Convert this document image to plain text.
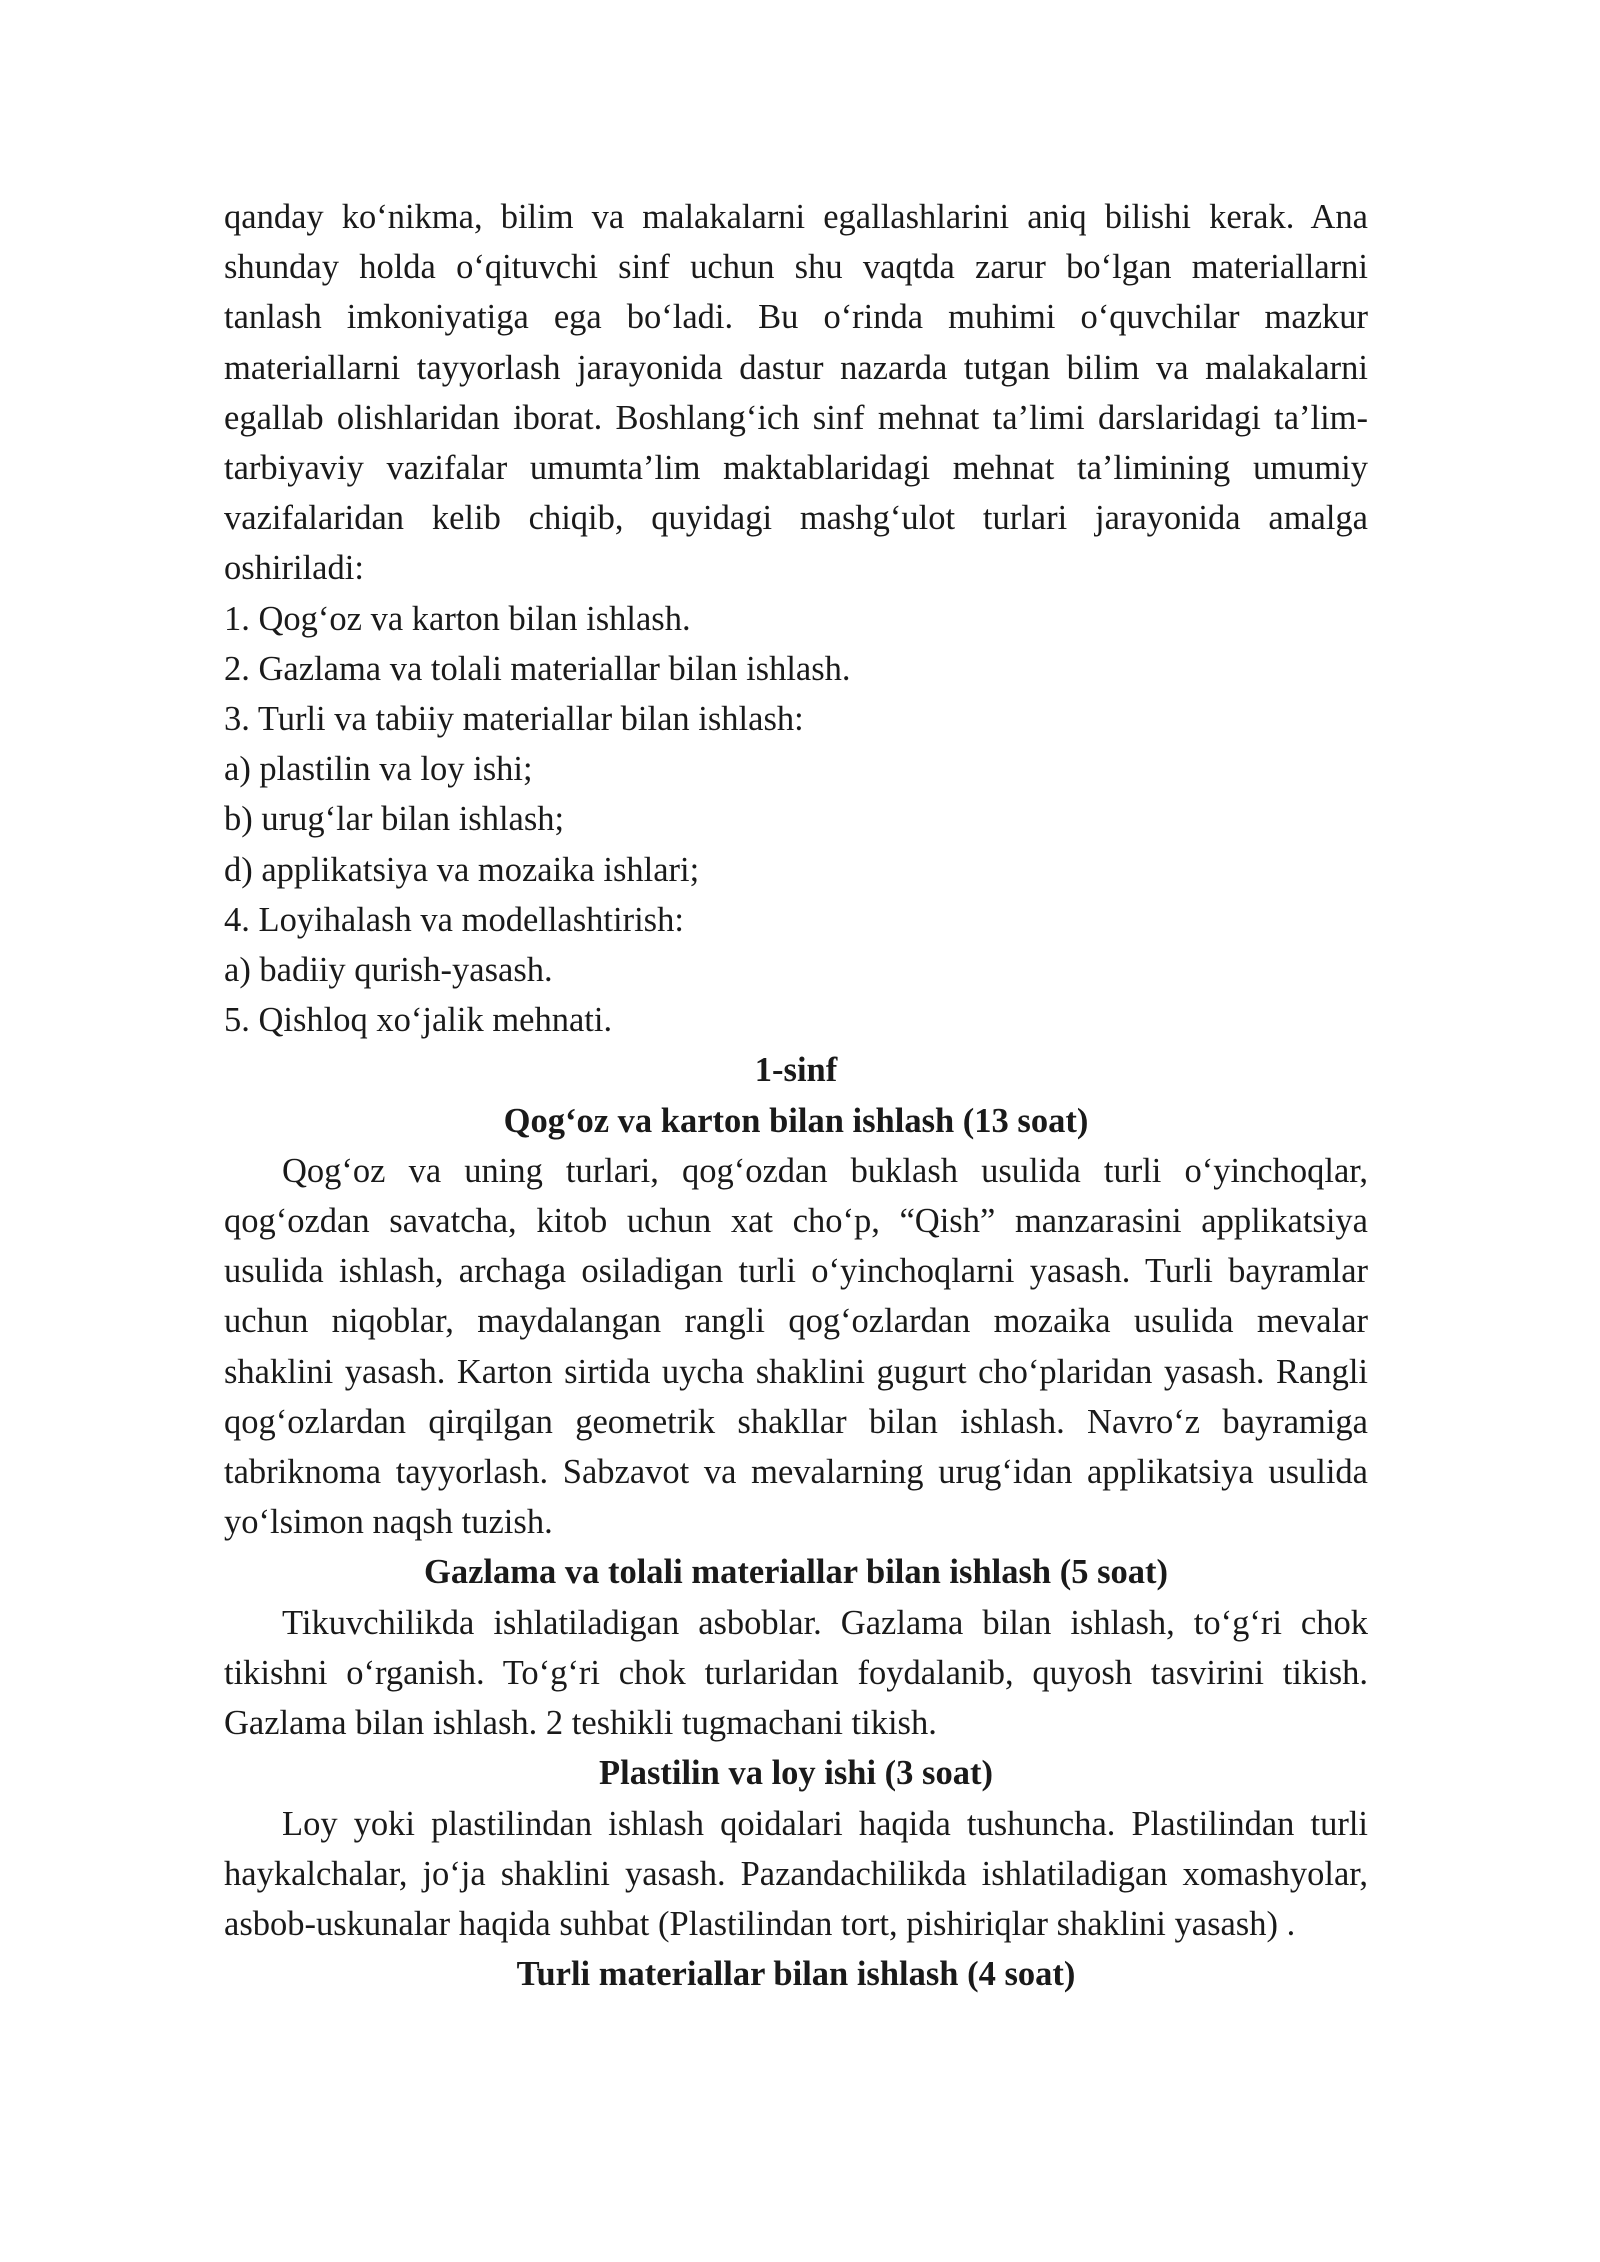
qanday ko‘nikma, bilim va malakalarni egallashlarini aniq bilishi kerak. Ana shunday holda o‘qituvchi sinf uchun shu vaqtda zarur bo‘lgan materiallarni tanlash imkoniyatiga ega bo‘ladi. Bu o‘rinda muhimi o‘quvchilar mazkur materiallarni tayyorlash jarayonida dastur nazarda tutgan bilim va malakalarni egallab olishlaridan iborat. Boshlang‘ich sinf mehnat ta’limi darslaridagi ta’lim-tarbiyaviy vazifalar umumta’lim maktablaridagi mehnat ta’limining umumiy vazifalaridan kelib chiqib, quyidagi mashg‘ulot turlari jarayonida amalga oshiriladi:

1. Qog‘oz va karton bilan ishlash.

2. Gazlama va tolali materiallar bilan ishlash.

3. Turli va tabiiy materiallar bilan ishlash:

a) plastilin va loy ishi;

b) urug‘lar bilan ishlash;

d) applikatsiya va mozaika ishlari;

4. Loyihalash va modellashtirish:

a) badiiy qurish-yasash.

5. Qishloq xo‘jalik mehnati.

1-sinf

Qog‘oz va karton bilan ishlash (13 soat)

Qog‘oz va uning turlari, qog‘ozdan buklash usulida turli o‘yinchoqlar, qog‘ozdan savatcha, kitob uchun xat cho‘p, “Qish” manzarasini applikatsiya usulida ishlash, archaga osiladigan turli o‘yinchoqlarni yasash. Turli bayramlar uchun niqoblar, maydalangan rangli qog‘ozlardan mozaika usulida mevalar shaklini yasash. Karton sirtida uycha shaklini gugurt cho‘plaridan yasash. Rangli qog‘ozlardan qirqilgan geometrik shakllar bilan ishlash. Navro‘z bayramiga tabriknoma tayyorlash. Sabzavot va mevalarning urug‘idan applikatsiya usulida yo‘lsimon naqsh tuzish.

Gazlama va tolali materiallar bilan ishlash (5 soat)

Tikuvchilikda ishlatiladigan asboblar. Gazlama bilan ishlash, to‘g‘ri chok tikishni o‘rganish. To‘g‘ri chok turlaridan foydalanib, quyosh tasvirini tikish. Gazlama bilan ishlash. 2 teshikli tugmachani tikish.

Plastilin va loy ishi (3 soat)

Loy yoki plastilindan ishlash qoidalari haqida tushuncha. Plastilindan turli haykalchalar, jo‘ja shaklini yasash. Pazandachilikda ishlatiladigan xomashyolar, asbob-uskunalar haqida suhbat (Plastilindan tort, pishiriqlar shaklini yasash) .

Turli materiallar bilan ishlash (4 soat)
